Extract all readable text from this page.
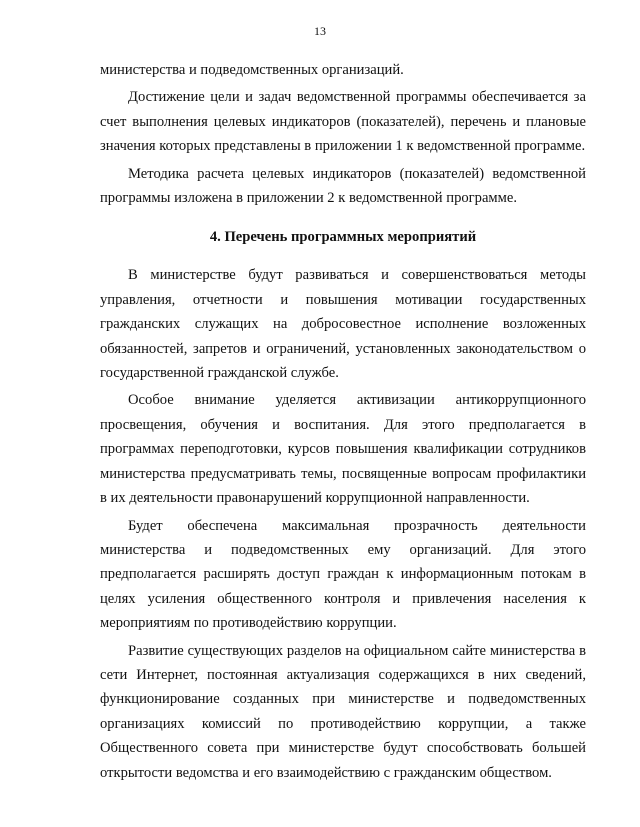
13

министерства и подведомственных организаций.

Достижение цели и задач ведомственной программы обеспечивается за счет выполнения целевых индикаторов (показателей), перечень и плановые значения которых представлены в приложении 1 к ведомственной программе.

Методика расчета целевых индикаторов (показателей) ведомственной программы изложена в приложении 2 к ведомственной программе.

4. Перечень программных мероприятий

В министерстве будут развиваться и совершенствоваться методы управления, отчетности и повышения мотивации государственных гражданских служащих на добросовестное исполнение возложенных обязанностей, запретов и ограничений, установленных законодательством о государственной гражданской службе.

Особое внимание уделяется активизации антикоррупционного просвещения, обучения и воспитания. Для этого предполагается в программах переподготовки, курсов повышения квалификации сотрудников министерства предусматривать темы, посвященные вопросам профилактики в их деятельности правонарушений коррупционной направленности.

Будет обеспечена максимальная прозрачность деятельности министерства и подведомственных ему организаций. Для этого предполагается расширять доступ граждан к информационным потокам в целях усиления общественного контроля и привлечения населения к мероприятиям по противодействию коррупции.

Развитие существующих разделов на официальном сайте министерства в сети Интернет, постоянная актуализация содержащихся в них сведений, функционирование созданных при министерстве и подведомственных организациях комиссий по противодействию коррупции, а также Общественного совета при министерстве будут способствовать большей открытости ведомства и его взаимодействию с гражданским обществом.
